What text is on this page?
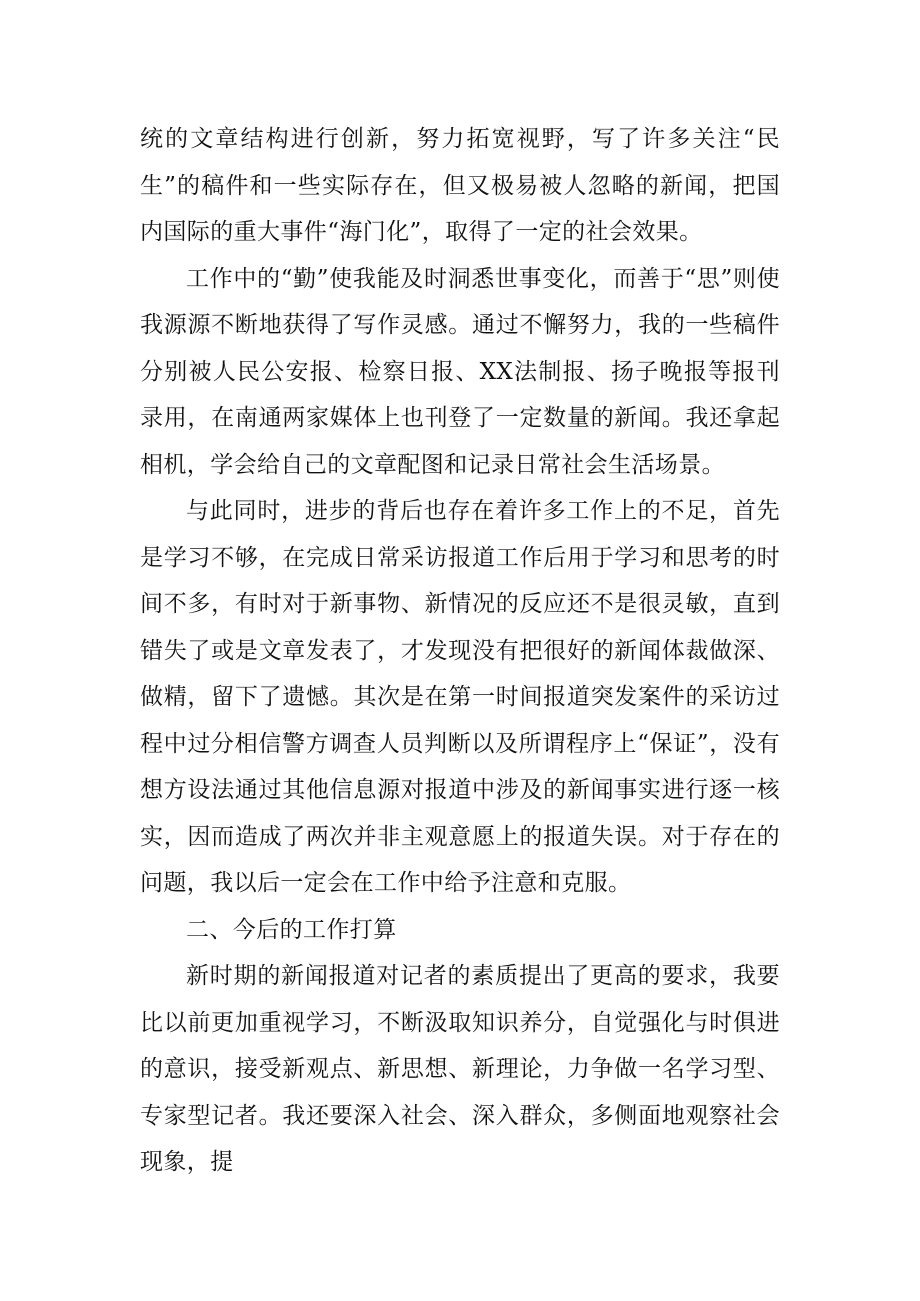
统的文章结构进行创新，努力拓宽视野，写了许多关注“民生”的稿件和一些实际存在，但又极易被人忽略的新闻，把国内国际的重大事件“海门化”，取得了一定的社会效果。

工作中的“勤”使我能及时洞悉世事变化，而善于“思”则使我源源不断地获得了写作灵感。通过不懈努力，我的一些稿件分别被人民公安报、检察日报、XX法制报、扬子晚报等报刊录用，在南通两家媒体上也刊登了一定数量的新闻。我还拿起相机，学会给自己的文章配图和记录日常社会生活场景。

与此同时，进步的背后也存在着许多工作上的不足，首先是学习不够，在完成日常采访报道工作后用于学习和思考的时间不多，有时对于新事物、新情况的反应还不是很灵敏，直到错失了或是文章发表了，才发现没有把很好的新闻体裁做深、做精，留下了遗憾。其次是在第一时间报道突发案件的采访过程中过分相信警方调查人员判断以及所谓程序上“保证”，没有想方设法通过其他信息源对报道中涉及的新闻事实进行逐一核实，因而造成了两次并非主观意愿上的报道失误。对于存在的问题，我以后一定会在工作中给予注意和克服。

二、今后的工作打算

新时期的新闻报道对记者的素质提出了更高的要求，我要比以前更加重视学习，不断汲取知识养分，自觉强化与时俱进的意识，接受新观点、新思想、新理论，力争做一名学习型、专家型记者。我还要深入社会、深入群众，多侧面地观察社会现象，提
